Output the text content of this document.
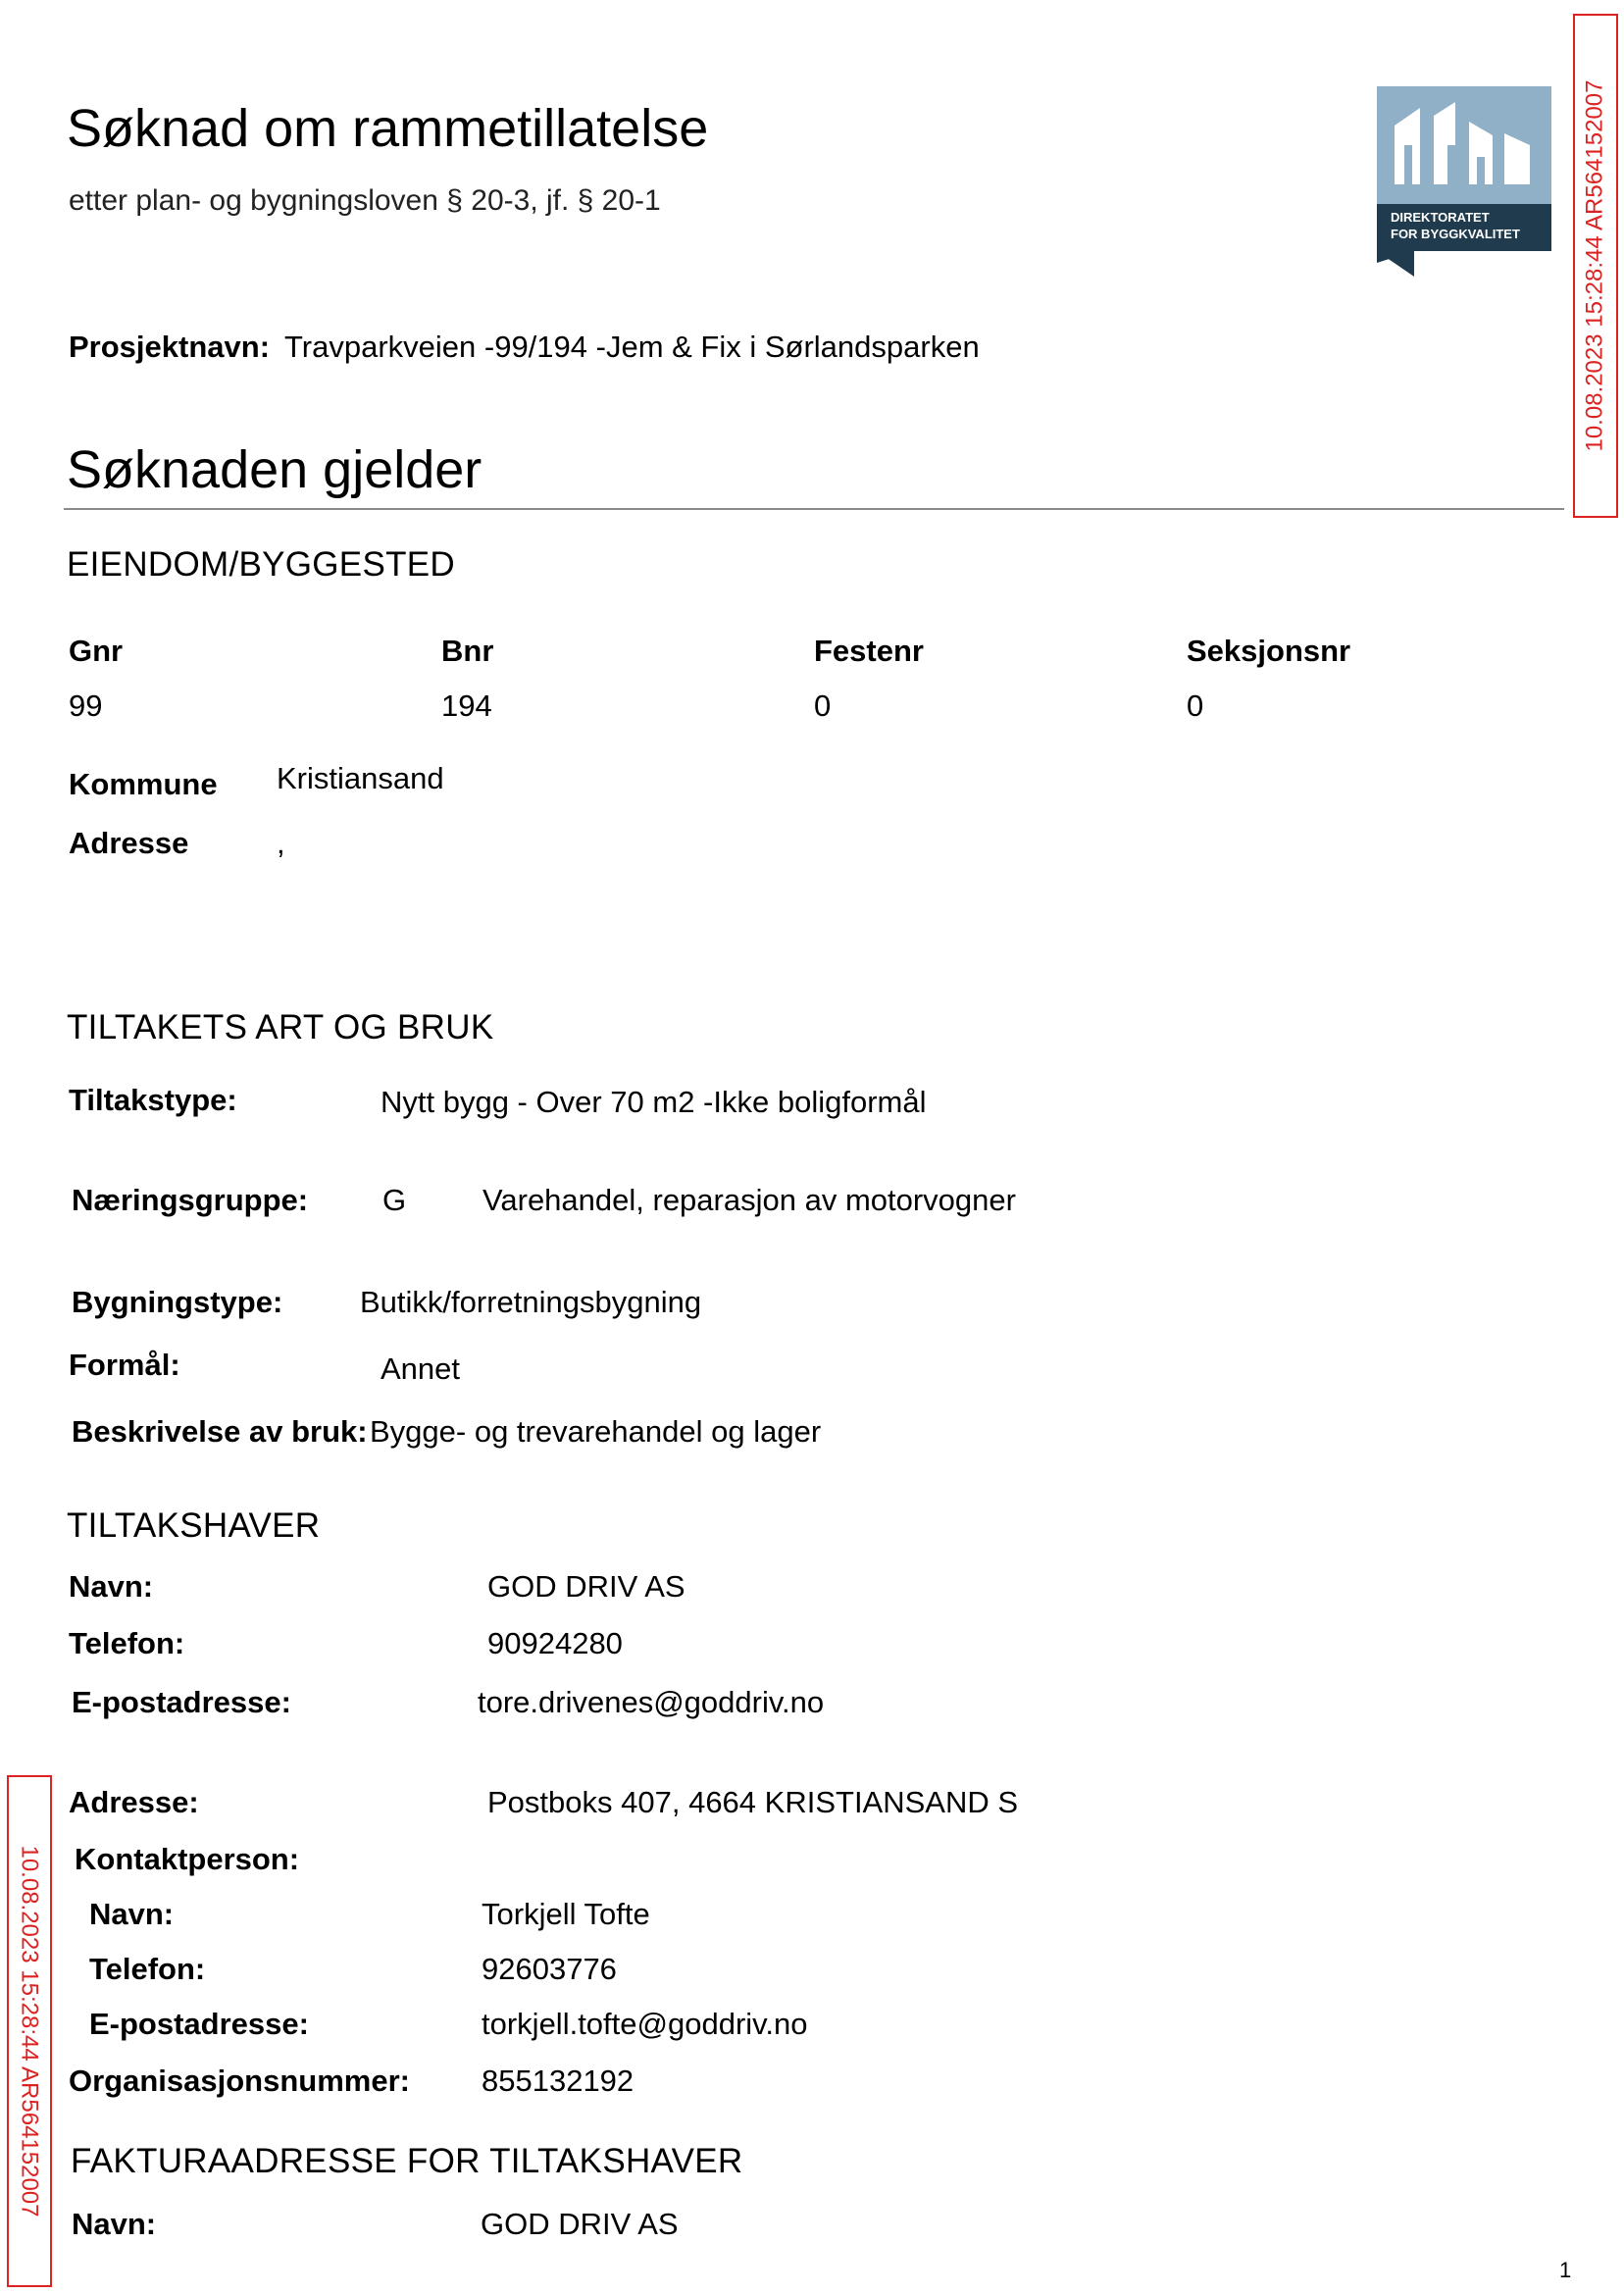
Søknad om rammetillatelse
etter plan- og bygningsloven § 20-3, jf. § 20-1
DIREKTORATET
FOR BYGGKVALITET	10.08.2023 15:28:44 AR564152007
10.08.2023 15:28:44 AR564152007
Prosjektnavn: Travparkveien -99/194 -Jem & Fix i Sørlandsparken
Søknaden gjelder
EIENDOM/BYGGESTED
Gnr	Bnr	Festenr	Seksjonsnr
99	194	0	0
Kommune Kristiansand
Adresse	,
TILTAKETS ART OG BRUK
Tiltakstype:	Nytt bygg - Over 70 m2 -Ikke boligformål
Næringsgruppe: G	Varehandel, reparasjon av motorvogner
Bygningstype:	Butikk/forretningsbygning
Formål:	Annet
Beskrivelse av bruk: Bygge- og trevarehandel og lager
TILTAKSHAVER
Navn:	GOD DRIV AS
Telefon:	90924280
E-postadresse:	tore.drivenes@goddriv.no
Adresse:	Postboks 407, 4664 KRISTIANSAND S
Kontaktperson:
Navn:	Torkjell Tofte
Telefon:	92603776
E-postadresse:	torkjell.tofte@goddriv.no
Organisasjonsnummer: 855132192
FAKTURAADRESSE FOR TILTAKSHAVER
Navn:	GOD DRIV AS
1
